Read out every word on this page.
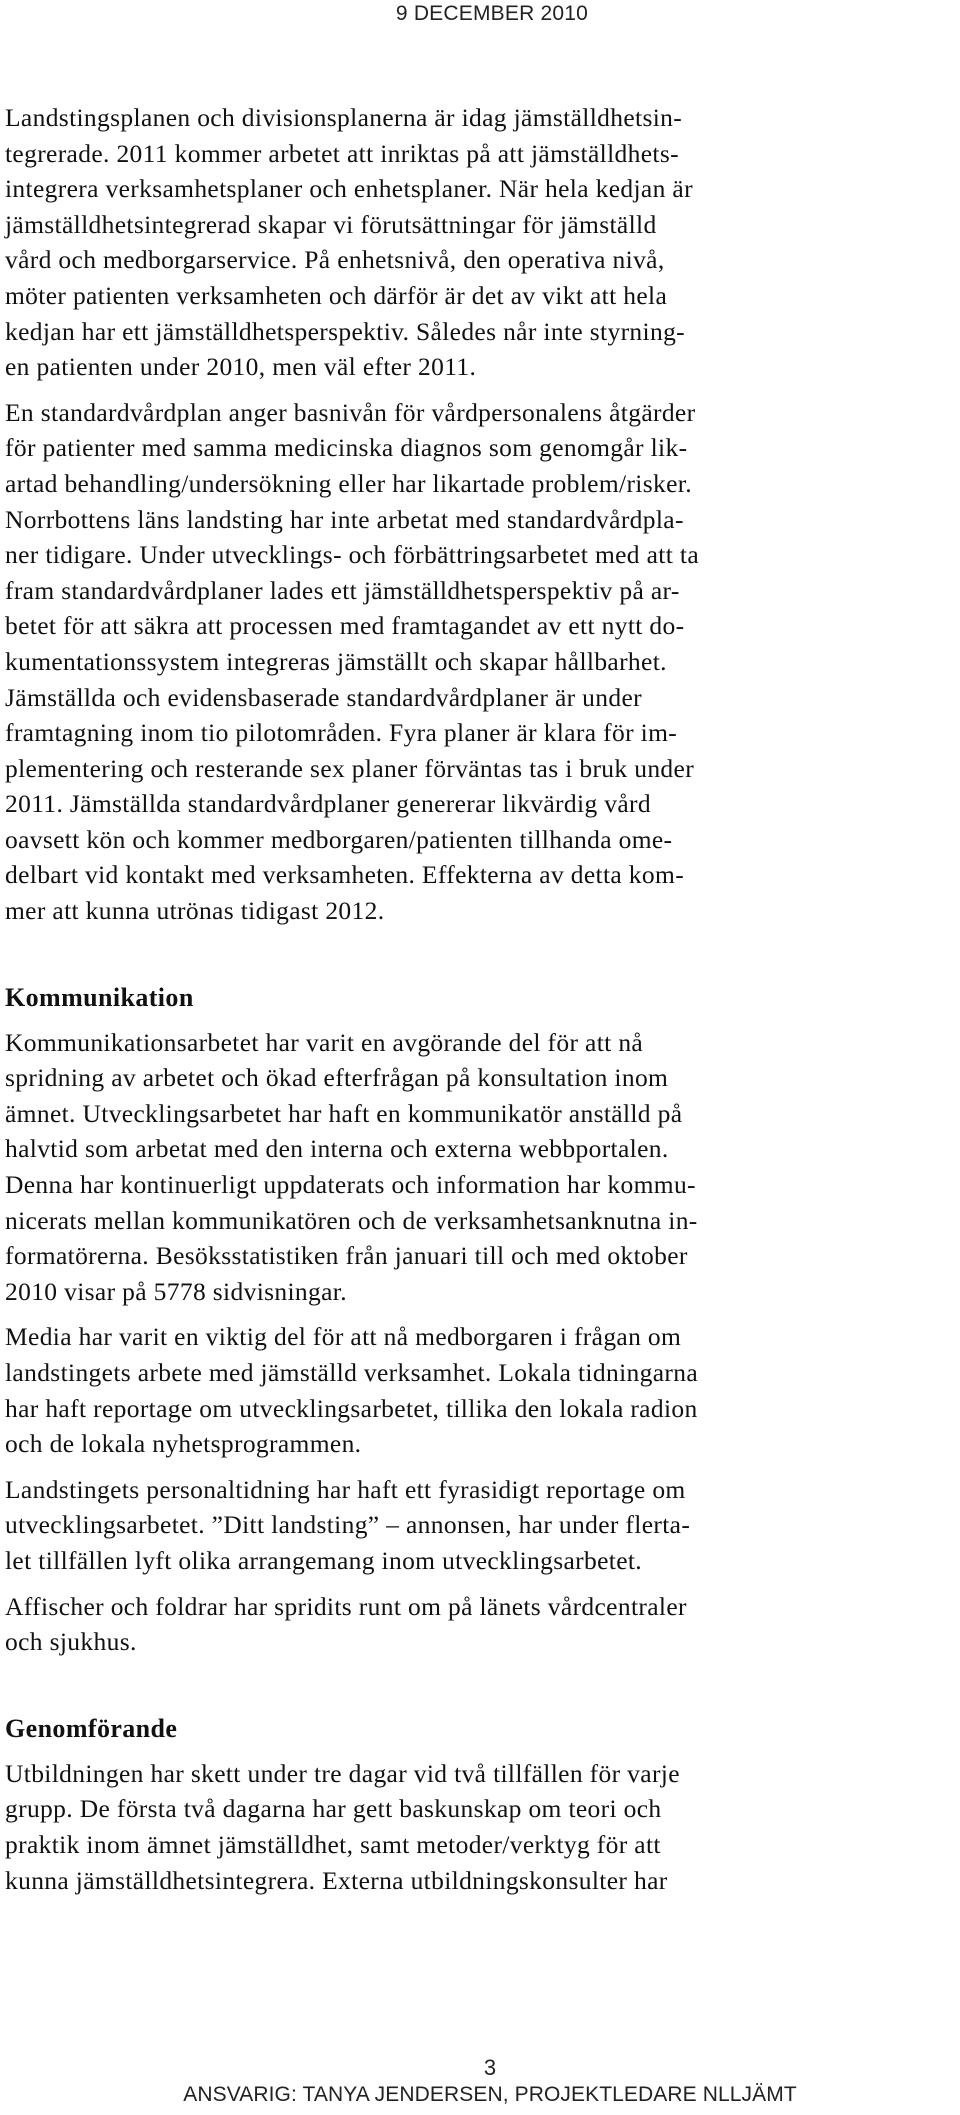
9 DECEMBER 2010

Landstingsplanen och divisionsplanerna är idag jämställdhetsin-
tegrerade. 2011 kommer arbetet att inriktas på att jämställdhets-
integrera verksamhetsplaner och enhetsplaner. När hela kedjan är
jämställdhetsintegrerad skapar vi förutsättningar för jämställd
vård och medborgarservice. På enhetsnivå, den operativa nivå,
möter patienten verksamheten och därför är det av vikt att hela
kedjan har ett jämställdhetsperspektiv. Således når inte styrning-
en patienten under 2010, men väl efter 2011.

En standardvårdplan anger basnivån för vårdpersonalens åtgärder
för patienter med samma medicinska diagnos som genomgår lik-
artad behandling/undersökning eller har likartade problem/risker.
Norrbottens läns landsting har inte arbetat med standardvårdpla-
ner tidigare. Under utvecklings- och förbättringsarbetet med att ta
fram standardvårdplaner lades ett jämställdhetsperspektiv på ar-
betet för att säkra att processen med framtagandet av ett nytt do-
kumentationssystem integreras jämställt och skapar hållbarhet.
Jämställda och evidensbaserade standardvårdplaner är under
framtagning inom tio pilotområden. Fyra planer är klara för im-
plementering och resterande sex planer förväntas tas i bruk under
2011. Jämställda standardvårdplaner genererar likvärdig vård
oavsett kön och kommer medborgaren/patienten tillhanda ome-
delbart vid kontakt med verksamheten. Effekterna av detta kom-
mer att kunna utrönas tidigast 2012.

Kommunikation

Kommunikationsarbetet har varit en avgörande del för att nå
spridning av arbetet och ökad efterfrågan på konsultation inom
ämnet. Utvecklingsarbetet har haft en kommunikatör anställd på
halvtid som arbetat med den interna och externa webbportalen.
Denna har kontinuerligt uppdaterats och information har kommu-
nicerats mellan kommunikatören och de verksamhetsanknutna in-
formatörerna. Besöksstatistiken från januari till och med oktober
2010 visar på 5778 sidvisningar.

Media har varit en viktig del för att nå medborgaren i frågan om
landstingets arbete med jämställd verksamhet. Lokala tidningarna
har haft reportage om utvecklingsarbetet, tillika den lokala radion
och de lokala nyhetsprogrammen.

Landstingets personaltidning har haft ett fyrasidigt reportage om
utvecklingsarbetet. ”Ditt landsting” – annonsen, har under flerta-
let tillfällen lyft olika arrangemang inom utvecklingsarbetet.

Affischer och foldrar har spridits runt om på länets vårdcentraler
och sjukhus.

Genomförande

Utbildningen har skett under tre dagar vid två tillfällen för varje
grupp. De första två dagarna har gett baskunskap om teori och
praktik inom ämnet jämställdhet, samt metoder/verktyg för att
kunna jämställdhetsintegrera. Externa utbildningskonsulter har

3
ANSVARIG: TANYA JENDERSEN, PROJEKTLEDARE NLLJÄMT
